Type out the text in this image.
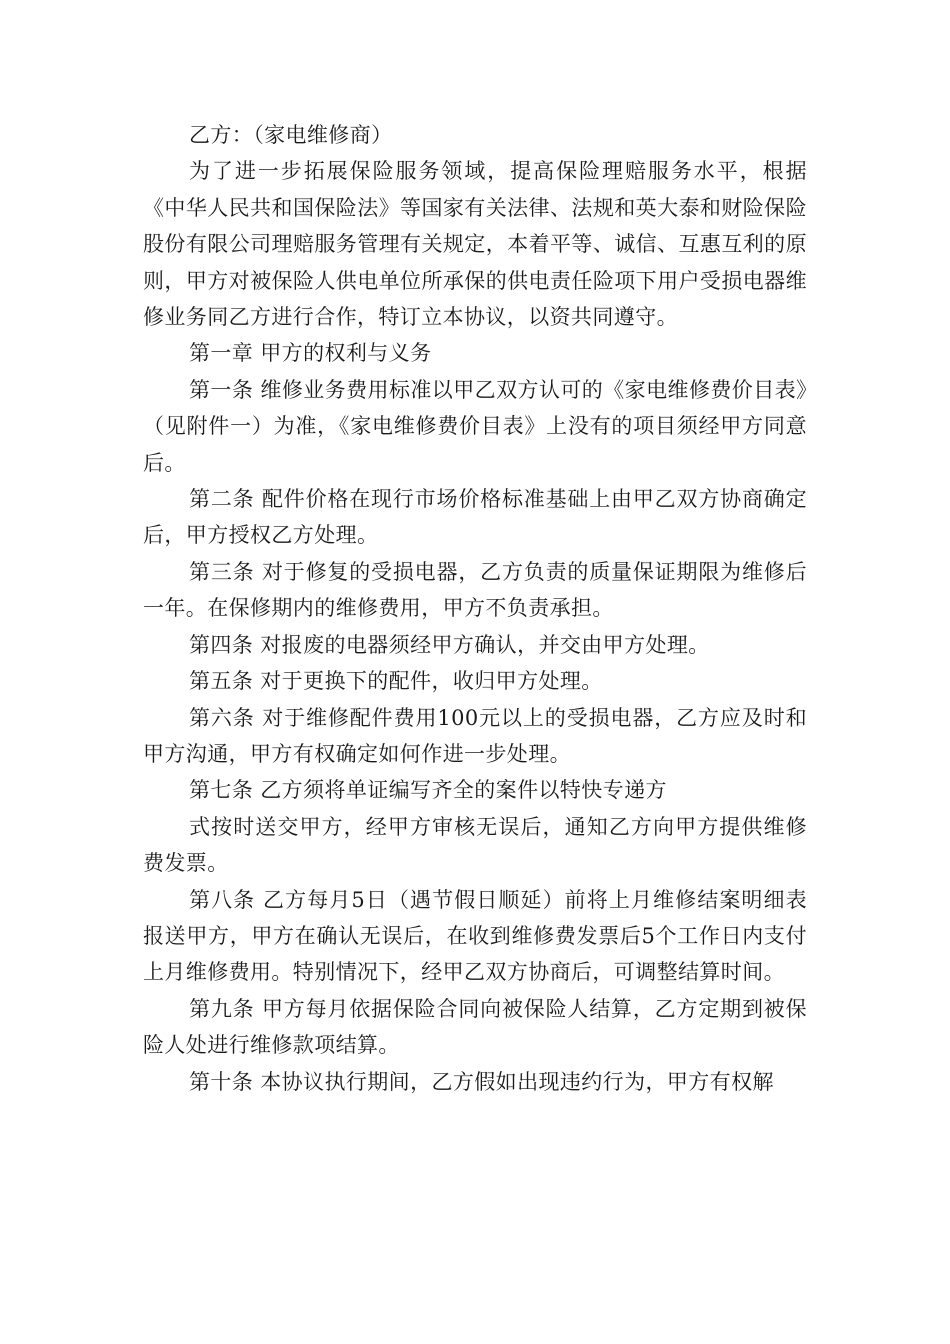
乙方：（家电维修商）

为了进一步拓展保险服务领域，提高保险理赔服务水平，根据《中华人民共和国保险法》等国家有关法律、法规和英大泰和财险保险股份有限公司理赔服务管理有关规定，本着平等、诚信、互惠互利的原则，甲方对被保险人供电单位所承保的供电责任险项下用户受损电器维修业务同乙方进行合作，特订立本协议，以资共同遵守。

第一章 甲方的权利与义务

第一条 维修业务费用标准以甲乙双方认可的《家电维修费价目表》（见附件一）为准，《家电维修费价目表》上没有的项目须经甲方同意后。

第二条 配件价格在现行市场价格标准基础上由甲乙双方协商确定后，甲方授权乙方处理。

第三条 对于修复的受损电器，乙方负责的质量保证期限为维修后一年。在保修期内的维修费用，甲方不负责承担。

第四条 对报废的电器须经甲方确认，并交由甲方处理。

第五条 对于更换下的配件，收归甲方处理。

第六条 对于维修配件费用100元以上的受损电器，乙方应及时和甲方沟通，甲方有权确定如何作进一步处理。

第七条 乙方须将单证编写齐全的案件以特快专递方

式按时送交甲方，经甲方审核无误后，通知乙方向甲方提供维修费发票。

第八条 乙方每月5日（遇节假日顺延）前将上月维修结案明细表报送甲方，甲方在确认无误后，在收到维修费发票后5个工作日内支付上月维修费用。特别情况下，经甲乙双方协商后，可调整结算时间。

第九条 甲方每月依据保险合同向被保险人结算，乙方定期到被保险人处进行维修款项结算。

第十条 本协议执行期间，乙方假如出现违约行为，甲方有权解
